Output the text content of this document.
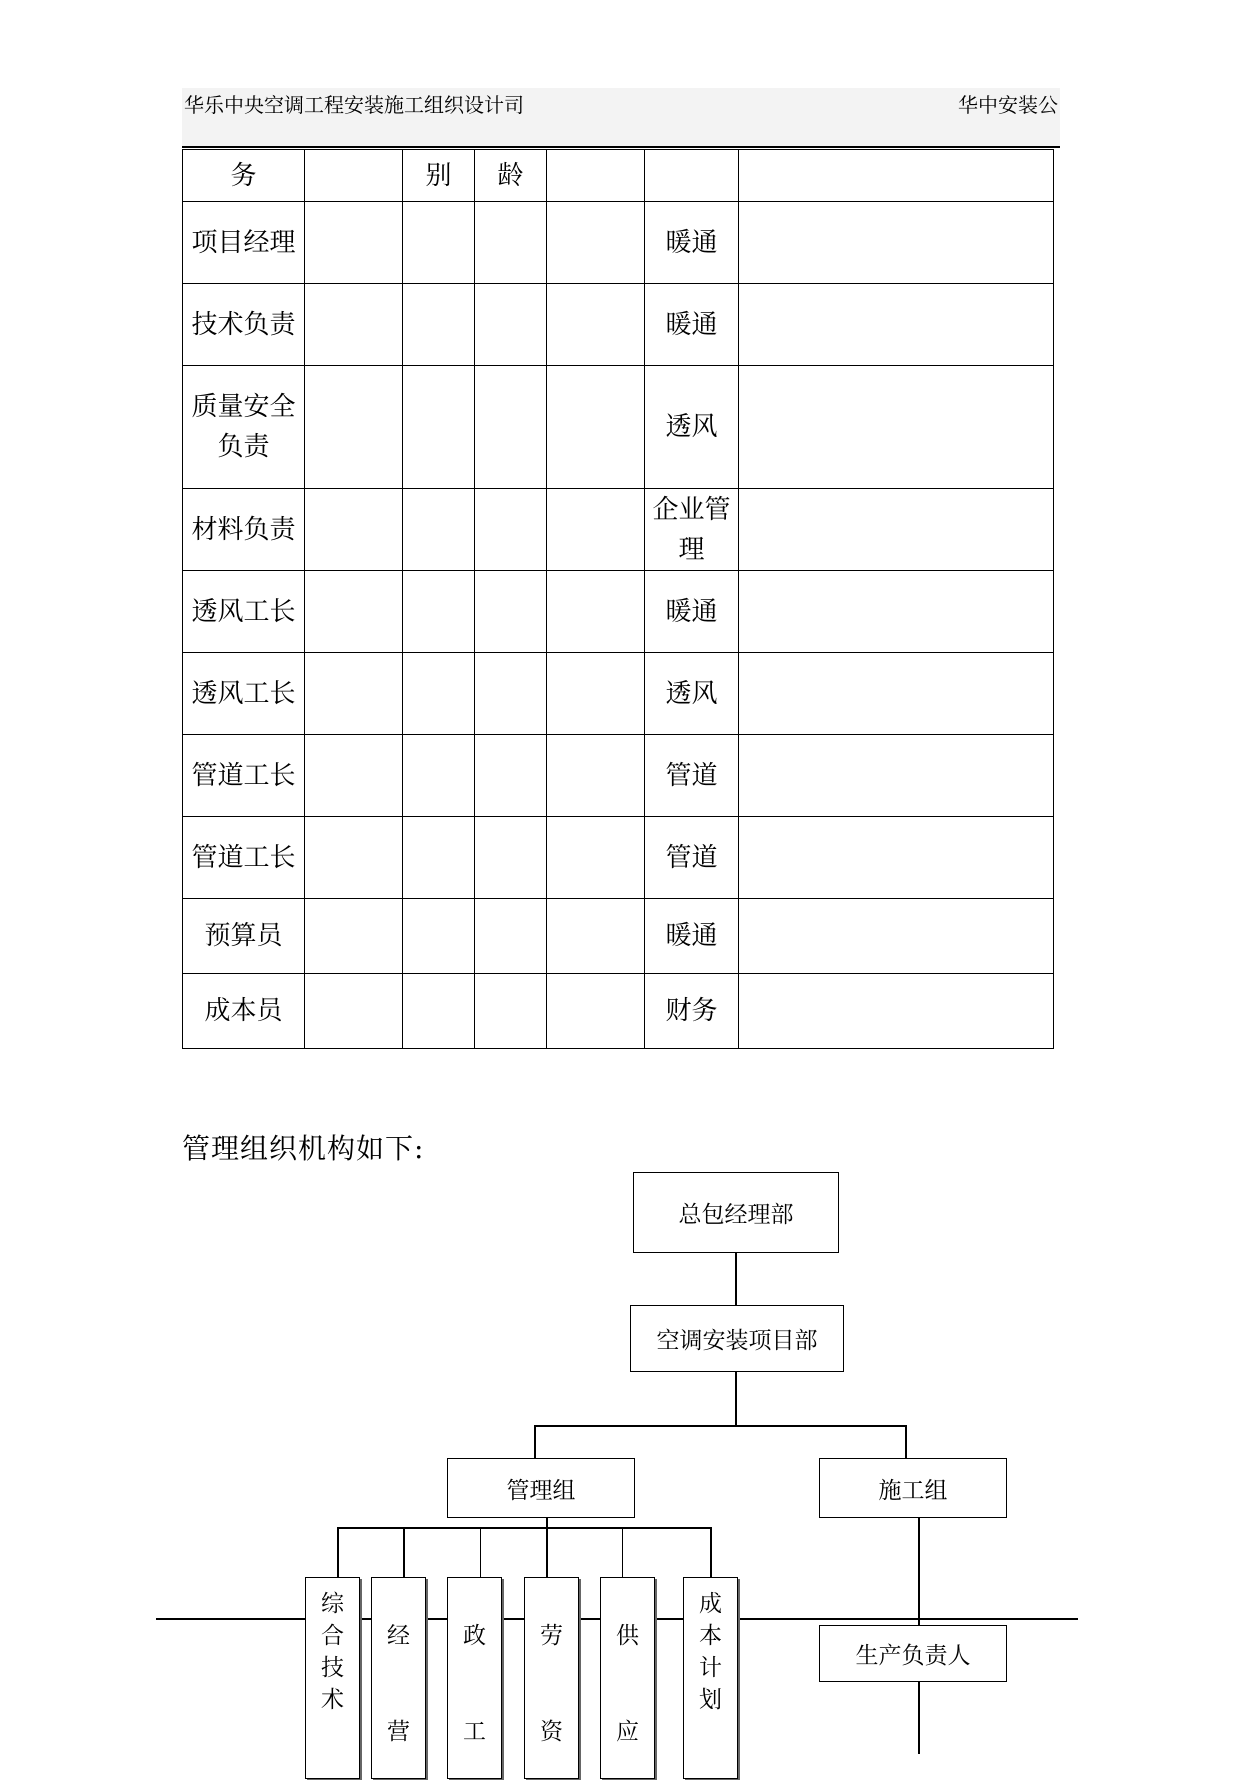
华乐中央空调工程安装施工组织设计司	华中安装公
务		别	龄			

项目经理					暖通	

技术负责					暖通	

质量安全负责					透风	

材料负责					企业管理	

透风工长					暖通	

透风工长					透风	

管道工长					管道	

管道工长					管道	

预算员					暖通	

成本员					财务	

管理组织机构如下:
总包经理部
空调安装项目部
管理组	施工组
生产负责人
综合技术
经营
政工
劳资
供应
成本计划
